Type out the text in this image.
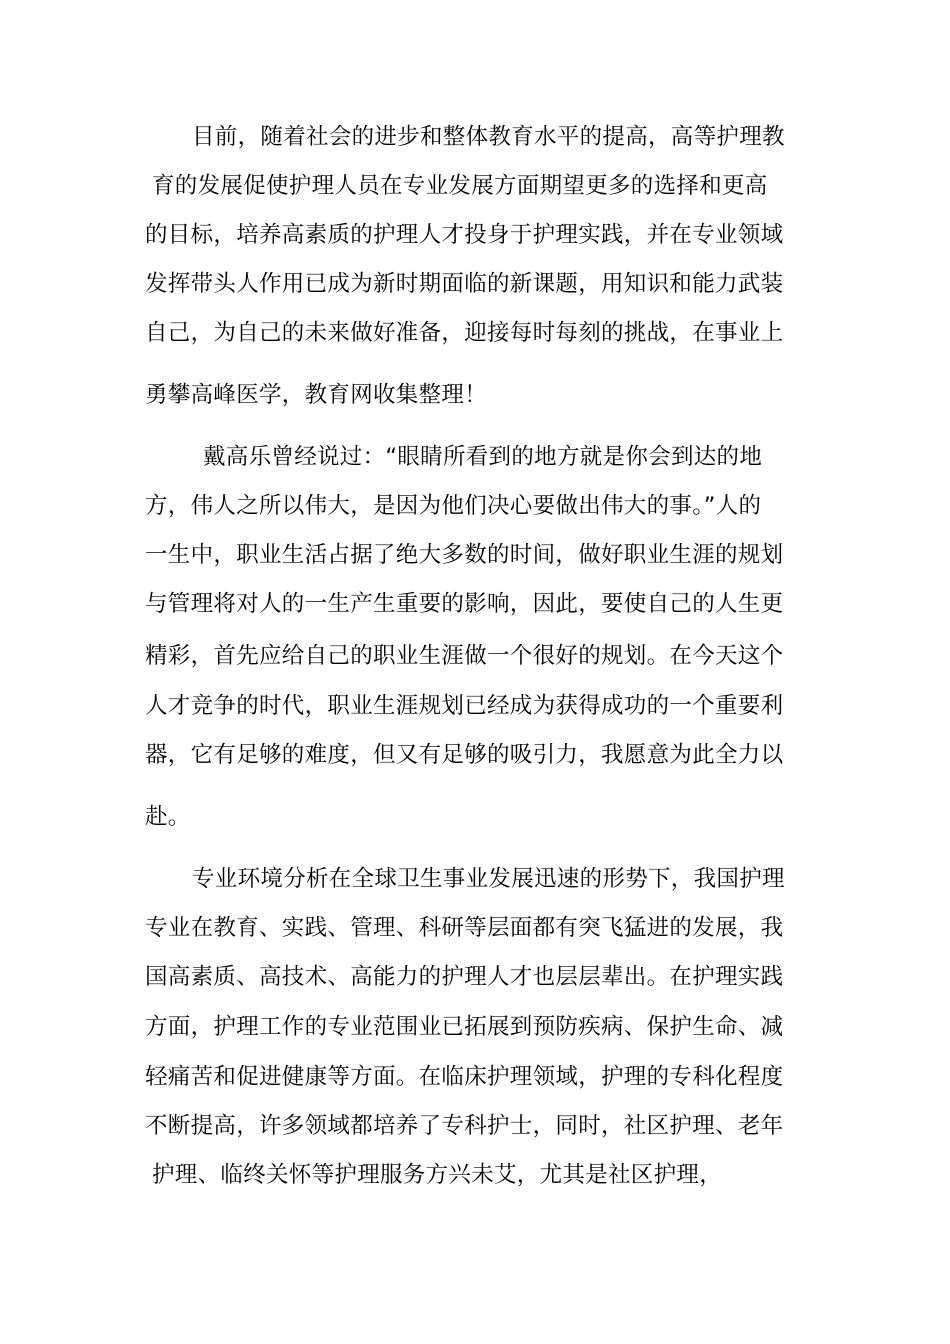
目前，随着社会的进步和整体教育水平的提高，高等护理教
育的发展促使护理人员在专业发展方面期望更多的选择和更高
的目标，培养高素质的护理人才投身于护理实践，并在专业领域
发挥带头人作用已成为新时期面临的新课题，用知识和能力武装
自己，为自己的未来做好准备，迎接每时每刻的挑战，在事业上
勇攀高峰医学，教育网收集整理！
戴高乐曾经说过：“眼睛所看到的地方就是你会到达的地
方，伟人之所以伟大，是因为他们决心要做出伟大的事。”人的
一生中，职业生活占据了绝大多数的时间，做好职业生涯的规划
与管理将对人的一生产生重要的影响，因此，要使自己的人生更
精彩，首先应给自己的职业生涯做一个很好的规划。在今天这个
人才竞争的时代，职业生涯规划已经成为获得成功的一个重要利
器，它有足够的难度，但又有足够的吸引力，我愿意为此全力以
赴。
专业环境分析在全球卫生事业发展迅速的形势下，我国护理
专业在教育、实践、管理、科研等层面都有突飞猛进的发展，我
国高素质、高技术、高能力的护理人才也层层辈出。在护理实践
方面，护理工作的专业范围业已拓展到预防疾病、保护生命、减
轻痛苦和促进健康等方面。在临床护理领域，护理的专科化程度
不断提高，许多领域都培养了专科护士，同时，社区护理、老年
护理、临终关怀等护理服务方兴未艾，尤其是社区护理，
